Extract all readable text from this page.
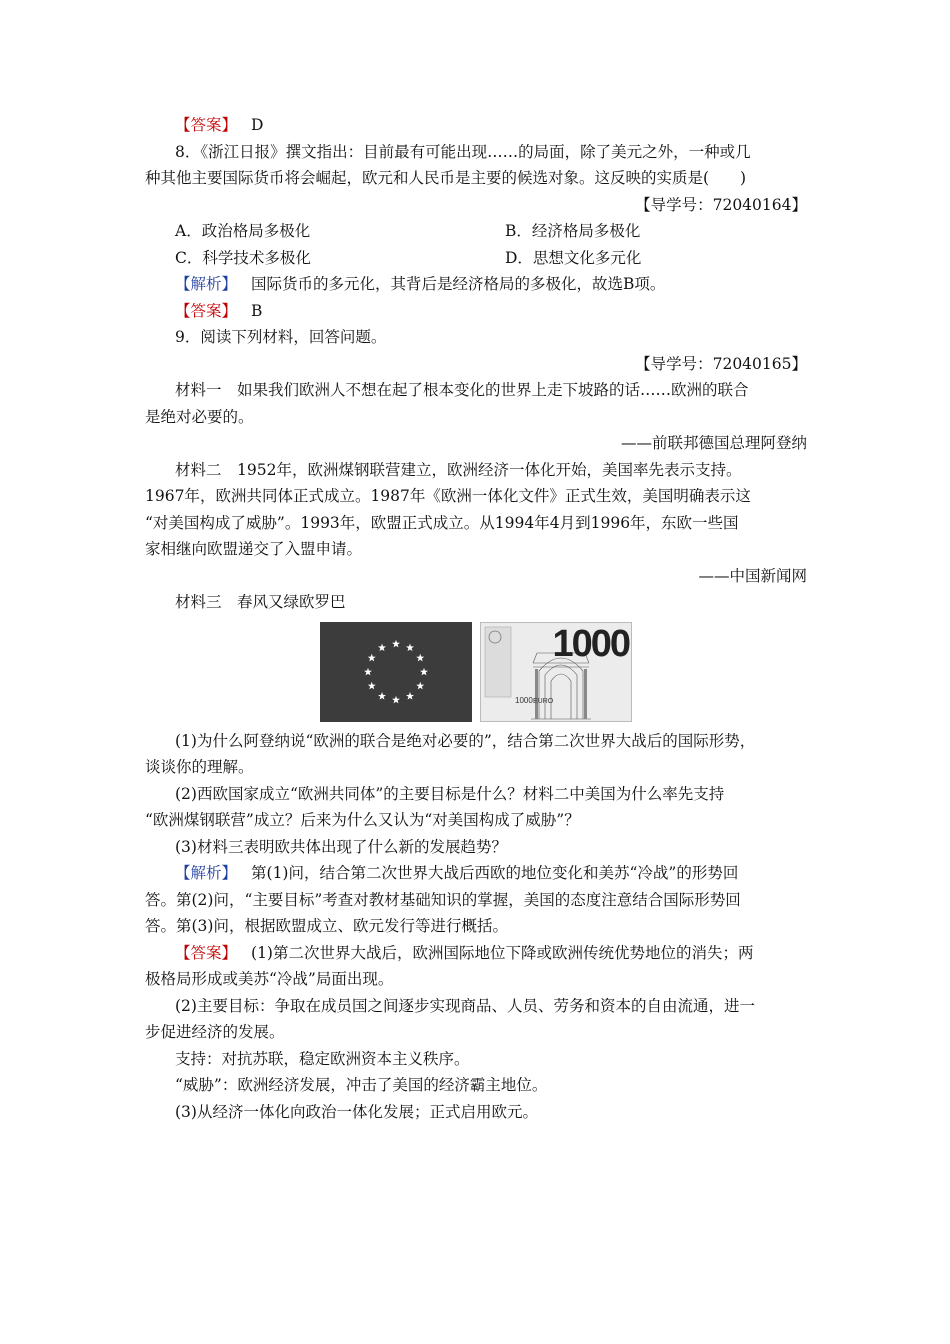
【答案】 D
8．《浙江日报》撰文指出：目前最有可能出现……的局面，除了美元之外，一种或几
种其他主要国际货币将会崛起，欧元和人民币是主要的候选对象。这反映的实质是(　　)
【导学号：72040164】
A．政治格局多极化	B．经济格局多极化
C．科学技术多极化	D．思想文化多元化
【解析】 国际货币的多元化，其背后是经济格局的多极化，故选B项。
【答案】 B
9．阅读下列材料，回答问题。
【导学号：72040165】
材料一　如果我们欧洲人不想在起了根本变化的世界上走下坡路的话……欧洲的联合
是绝对必要的。
——前联邦德国总理阿登纳
材料二　1952年，欧洲煤钢联营建立，欧洲经济一体化开始，美国率先表示支持。
1967年，欧洲共同体正式成立。1987年《欧洲一体化文件》正式生效，美国明确表示这
“对美国构成了威胁”。1993年，欧盟正式成立。从1994年4月到1996年，东欧一些国
家相继向欧盟递交了入盟申请。
——中国新闻网
材料三　春风又绿欧罗巴
1000 EURO
1000
(1)为什么阿登纳说“欧洲的联合是绝对必要的”，结合第二次世界大战后的国际形势，
谈谈你的理解。
(2)西欧国家成立“欧洲共同体”的主要目标是什么？材料二中美国为什么率先支持
“欧洲煤钢联营”成立？后来为什么又认为“对美国构成了威胁”？
(3)材料三表明欧共体出现了什么新的发展趋势？
【解析】 第(1)问，结合第二次世界大战后西欧的地位变化和美苏“冷战”的形势回
答。第(2)问，“主要目标”考查对教材基础知识的掌握，美国的态度注意结合国际形势回
答。第(3)问，根据欧盟成立、欧元发行等进行概括。
【答案】 (1)第二次世界大战后，欧洲国际地位下降或欧洲传统优势地位的消失；两
极格局形成或美苏“冷战”局面出现。
(2)主要目标：争取在成员国之间逐步实现商品、人员、劳务和资本的自由流通，进一
步促进经济的发展。
支持：对抗苏联，稳定欧洲资本主义秩序。
“威胁”：欧洲经济发展，冲击了美国的经济霸主地位。
(3)从经济一体化向政治一体化发展；正式启用欧元。
